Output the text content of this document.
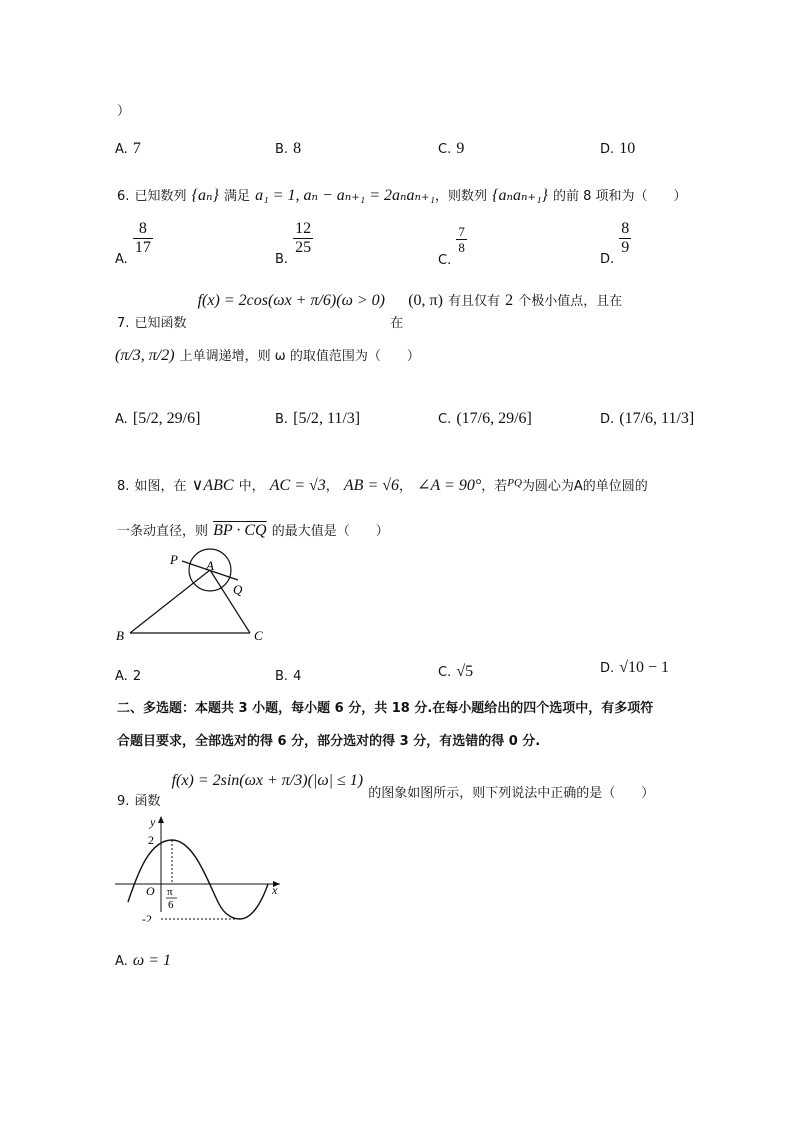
）
A. 7	B. 8	C. 9	D. 10
6. 已知数列 {aₙ} 满足 a₁ = 1, aₙ − aₙ₊₁ = 2aₙaₙ₊₁，则数列 {aₙaₙ₊₁} 的前 8 项和为（　　）
$_{A.}$
$\frac{8}{17}$
$_{B.}$
$\frac{12}{25}$
$_{C.}$
$\frac{7}{8}$
$_{D.}$
$\frac{8}{9}$
$_{7.}$ $_{已知函数}$ f(x) = 2cos(ωx + π/6)(ω > 0) $_在$ (0, π) 有且仅有 2 个极小值点，且在
(π/3, π/2) 上单调递增，则 ω 的取值范围为（　　）
A. [5/2, 29/6]	B. [5/2, 11/3]	C. (17/6, 29/6]	D. (17/6, 11/3]
8. 如图，在 ∨ABC 中， AC = √3， AB = √6， ∠A = 90°，若$^{PQ}$为圆心为A的单位圆的
一条动直径，则 BP · CQ 的最大值是（　　）
P A
Q
B	C
A. 2	B. 4	C. √5	D. √10 − 1
二、多选题：本题共 3 小题，每小题 6 分，共 18 分.在每小题给出的四个选项中，有多项符
合题目要求，全部选对的得 6 分，部分选对的得 3 分，有选错的得 0 分.
$_{9.}$ $_{函数}$ f(x) = 2sin(ωx + π/3)(|ω| ≤ 1) $_{的图象如图所示,则下列说法中正确的是( )}$
y
x
2
O
-2
π
6
A. ω = 1
